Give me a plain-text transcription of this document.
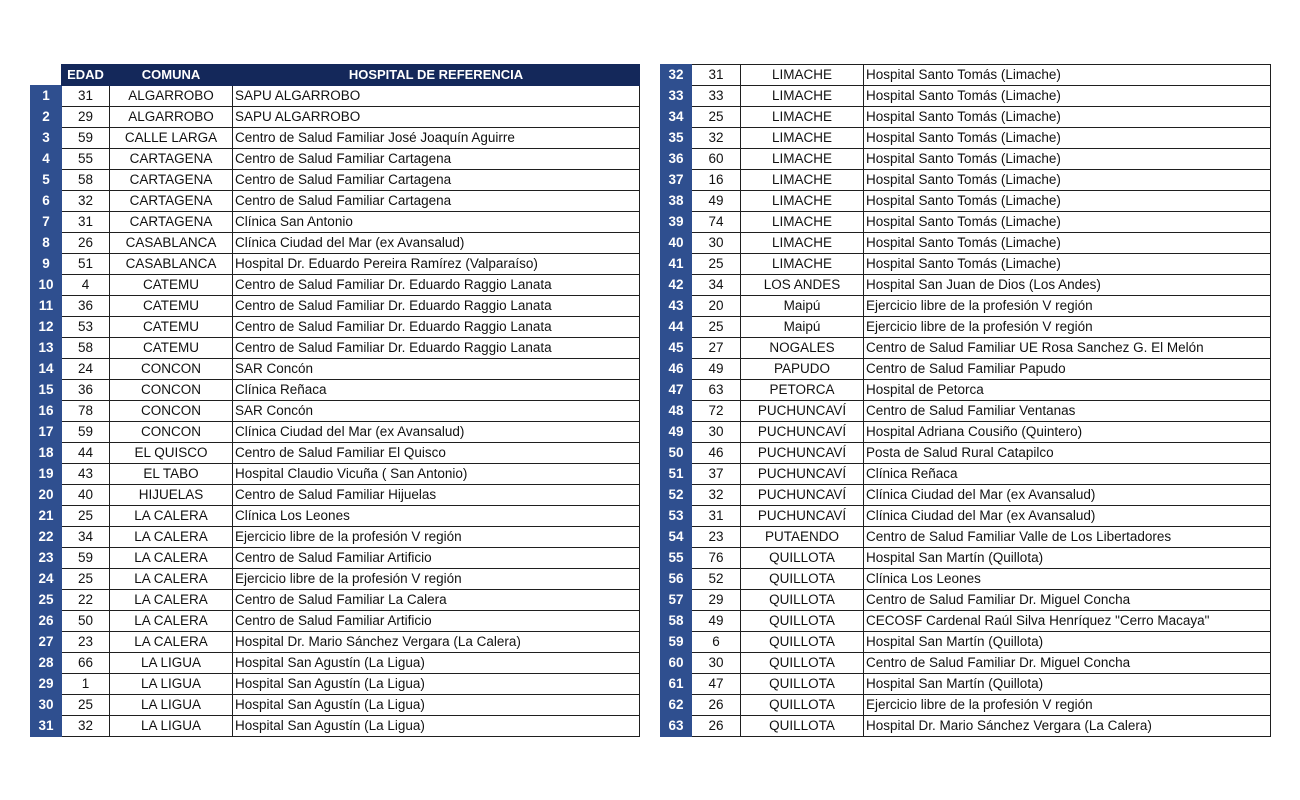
	EDAD	COMUNA	HOSPITAL DE REFERENCIA
1	31	ALGARROBO	SAPU ALGARROBO
2	29	ALGARROBO	SAPU ALGARROBO
3	59	CALLE LARGA	Centro de Salud Familiar José Joaquín Aguirre
4	55	CARTAGENA	Centro de Salud Familiar Cartagena
5	58	CARTAGENA	Centro de Salud Familiar Cartagena
6	32	CARTAGENA	Centro de Salud Familiar Cartagena
7	31	CARTAGENA	Clínica San Antonio
8	26	CASABLANCA	Clínica Ciudad del Mar (ex Avansalud)
9	51	CASABLANCA	Hospital Dr. Eduardo Pereira Ramírez (Valparaíso)
10	4	CATEMU	Centro de Salud Familiar Dr. Eduardo Raggio Lanata
11	36	CATEMU	Centro de Salud Familiar Dr. Eduardo Raggio Lanata
12	53	CATEMU	Centro de Salud Familiar Dr. Eduardo Raggio Lanata
13	58	CATEMU	Centro de Salud Familiar Dr. Eduardo Raggio Lanata
14	24	CONCON	SAR Concón
15	36	CONCON	Clínica Reñaca
16	78	CONCON	SAR Concón
17	59	CONCON	Clínica Ciudad del Mar (ex Avansalud)
18	44	EL QUISCO	Centro de Salud Familiar El Quisco
19	43	EL TABO	Hospital Claudio Vicuña ( San Antonio)
20	40	HIJUELAS	Centro de Salud Familiar Hijuelas
21	25	LA CALERA	Clínica Los Leones
22	34	LA CALERA	Ejercicio libre de la profesión V región
23	59	LA CALERA	Centro de Salud Familiar Artificio
24	25	LA CALERA	Ejercicio libre de la profesión V región
25	22	LA CALERA	Centro de Salud Familiar La Calera
26	50	LA CALERA	Centro de Salud Familiar Artificio
27	23	LA CALERA	Hospital Dr. Mario Sánchez Vergara (La Calera)
28	66	LA LIGUA	Hospital San Agustín (La Ligua)
29	1	LA LIGUA	Hospital San Agustín (La Ligua)
30	25	LA LIGUA	Hospital San Agustín (La Ligua)
31	32	LA LIGUA	Hospital San Agustín (La Ligua)
32	31	LIMACHE	Hospital Santo Tomás (Limache)
33	33	LIMACHE	Hospital Santo Tomás (Limache)
34	25	LIMACHE	Hospital Santo Tomás (Limache)
35	32	LIMACHE	Hospital Santo Tomás (Limache)
36	60	LIMACHE	Hospital Santo Tomás (Limache)
37	16	LIMACHE	Hospital Santo Tomás (Limache)
38	49	LIMACHE	Hospital Santo Tomás (Limache)
39	74	LIMACHE	Hospital Santo Tomás (Limache)
40	30	LIMACHE	Hospital Santo Tomás (Limache)
41	25	LIMACHE	Hospital Santo Tomás (Limache)
42	34	LOS ANDES	Hospital San Juan de Dios (Los Andes)
43	20	Maipú	Ejercicio libre de la profesión V región
44	25	Maipú	Ejercicio libre de la profesión V región
45	27	NOGALES	Centro de Salud Familiar UE Rosa Sanchez G. El Melón
46	49	PAPUDO	Centro de Salud Familiar Papudo
47	63	PETORCA	Hospital de Petorca
48	72	PUCHUNCAVÍ	Centro de Salud Familiar Ventanas
49	30	PUCHUNCAVÍ	Hospital Adriana Cousiño (Quintero)
50	46	PUCHUNCAVÍ	Posta de Salud Rural Catapilco
51	37	PUCHUNCAVÍ	Clínica Reñaca
52	32	PUCHUNCAVÍ	Clínica Ciudad del Mar (ex Avansalud)
53	31	PUCHUNCAVÍ	Clínica Ciudad del Mar (ex Avansalud)
54	23	PUTAENDO	Centro de Salud Familiar Valle de Los Libertadores
55	76	QUILLOTA	Hospital San Martín (Quillota)
56	52	QUILLOTA	Clínica Los Leones
57	29	QUILLOTA	Centro de Salud Familiar Dr. Miguel Concha
58	49	QUILLOTA	CECOSF Cardenal Raúl Silva Henríquez "Cerro Macaya"
59	6	QUILLOTA	Hospital San Martín (Quillota)
60	30	QUILLOTA	Centro de Salud Familiar Dr. Miguel Concha
61	47	QUILLOTA	Hospital San Martín (Quillota)
62	26	QUILLOTA	Ejercicio libre de la profesión V región
63	26	QUILLOTA	Hospital Dr. Mario Sánchez Vergara (La Calera)
